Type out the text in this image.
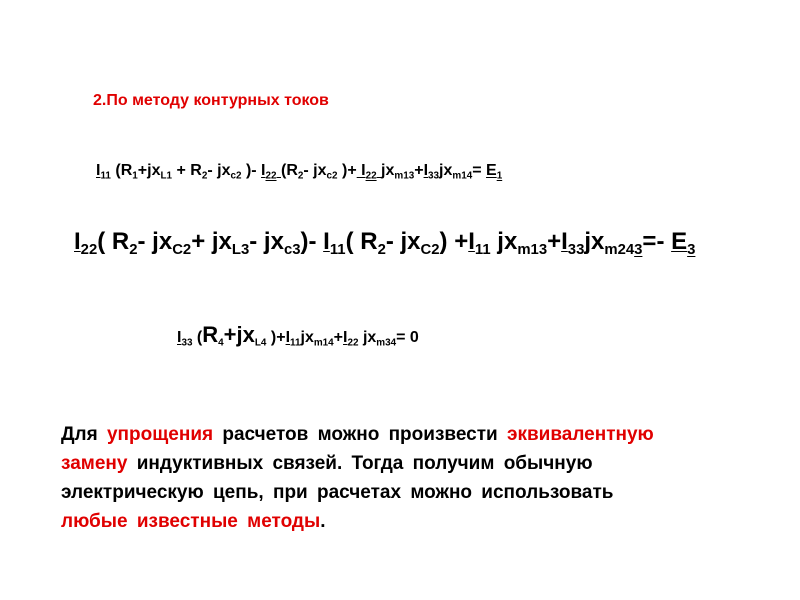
2.По методу контурных токов
$I_{11}$ ($R_1+jx_{L1} + R_2-$ $jx_{c2}$ )- $I_{22}$ ($R_2-$ $jx_{c2}$ )+ $I_{22}$ $jx_{m13}+I_{33}jx_{m14}= E_1$
$I_{22}$( $R_2-$ $jx_{C2}+ jx_{L3}-$ $jx_{c3})-$ $I_{11}$( $R_2-$ $jx_{C2}) +I_{11}$ $jx_{m13}+I_{33}jx_{m243}=-$ $E_3$
$I_{33}$ ($R_4+jx_{L4}$ )$+I_{11}jx_{m14}+I_{22}$ $jx_{m34}= 0$
Для упрощения расчетов можно произвести эквивалентную
замену индуктивных связей. Тогда получим обычную
электрическую цепь, при расчетах можно использовать
любые известные методы.
